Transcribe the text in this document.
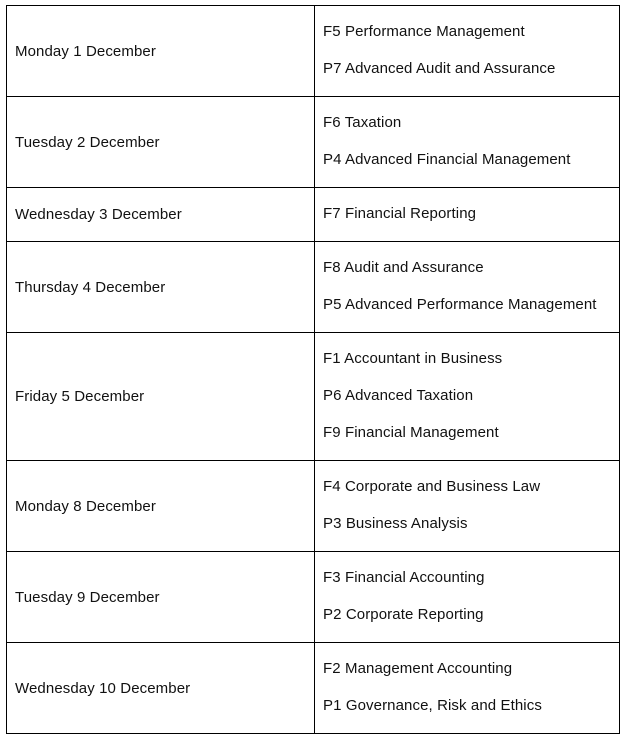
Monday 1 December	F5 Performance Management
P7 Advanced Audit and Assurance

Tuesday 2 December	F6 Taxation
P4 Advanced Financial Management

Wednesday 3 December	F7 Financial Reporting

Thursday 4 December	F8 Audit and Assurance
P5 Advanced Performance Management

Friday 5 December	F1 Accountant in Business
P6 Advanced Taxation
F9 Financial Management

Monday 8 December	F4 Corporate and Business Law
P3 Business Analysis

Tuesday 9 December	F3 Financial Accounting
P2 Corporate Reporting

Wednesday 10 December	F2 Management Accounting
P1 Governance, Risk and Ethics
